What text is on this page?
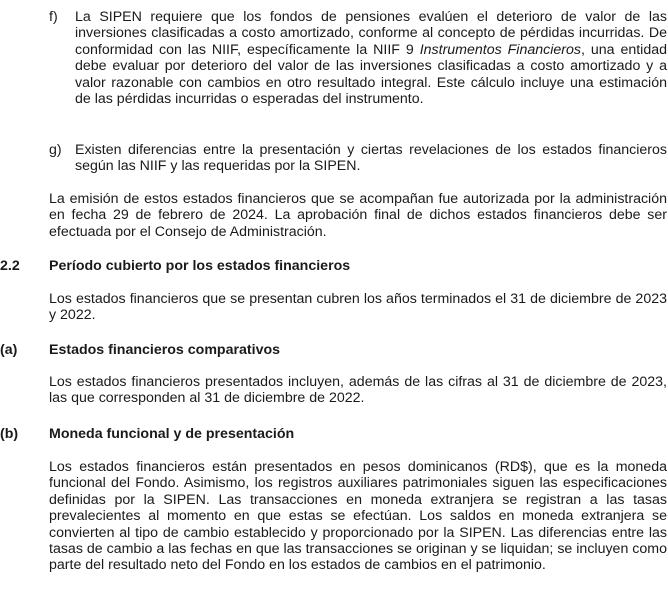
f) La SIPEN requiere que los fondos de pensiones evalúen el deterioro de valor de las inversiones clasificadas a costo amortizado, conforme al concepto de pérdidas incurridas. De conformidad con las NIIF, específicamente la NIIF 9 Instrumentos Financieros, una entidad debe evaluar por deterioro del valor de las inversiones clasificadas a costo amortizado y a valor razonable con cambios en otro resultado integral. Este cálculo incluye una estimación de las pérdidas incurridas o esperadas del instrumento.
g) Existen diferencias entre la presentación y ciertas revelaciones de los estados financieros según las NIIF y las requeridas por la SIPEN.
La emisión de estos estados financieros que se acompañan fue autorizada por la administración en fecha 29 de febrero de 2024. La aprobación final de dichos estados financieros debe ser efectuada por el Consejo de Administración.
2.2 Período cubierto por los estados financieros
Los estados financieros que se presentan cubren los años terminados el 31 de diciembre de 2023 y 2022.
(a) Estados financieros comparativos
Los estados financieros presentados incluyen, además de las cifras al 31 de diciembre de 2023, las que corresponden al 31 de diciembre de 2022.
(b) Moneda funcional y de presentación
Los estados financieros están presentados en pesos dominicanos (RD$), que es la moneda funcional del Fondo. Asimismo, los registros auxiliares patrimoniales siguen las especificaciones definidas por la SIPEN. Las transacciones en moneda extranjera se registran a las tasas prevalecientes al momento en que estas se efectúan. Los saldos en moneda extranjera se convierten al tipo de cambio establecido y proporcionado por la SIPEN. Las diferencias entre las tasas de cambio a las fechas en que las transacciones se originan y se liquidan; se incluyen como parte del resultado neto del Fondo en los estados de cambios en el patrimonio.
